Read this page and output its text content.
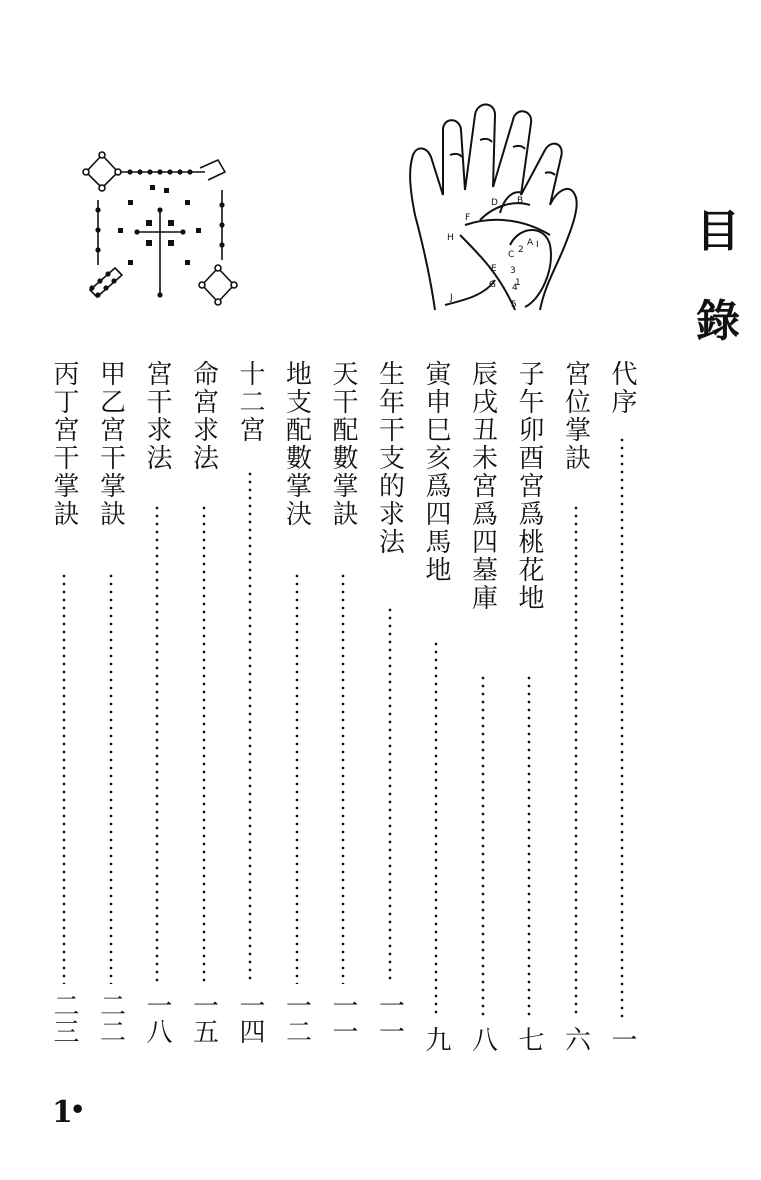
目
錄
A
B
C
D
E
F
G
H
I
J
1
2
3
4
5
代序
一
宮位掌訣
六
子午卯酉宮爲桃花地
七
辰戌丑未宮爲四墓庫
八
寅申巳亥爲四馬地
九
生年干支的求法
一一
天干配數掌訣
一一
地支配數掌決
一二
十二宮
一四
命宮求法
一五
宮干求法
一八
甲乙宮干掌訣
二二
丙丁宮干掌訣
二三
1
•
